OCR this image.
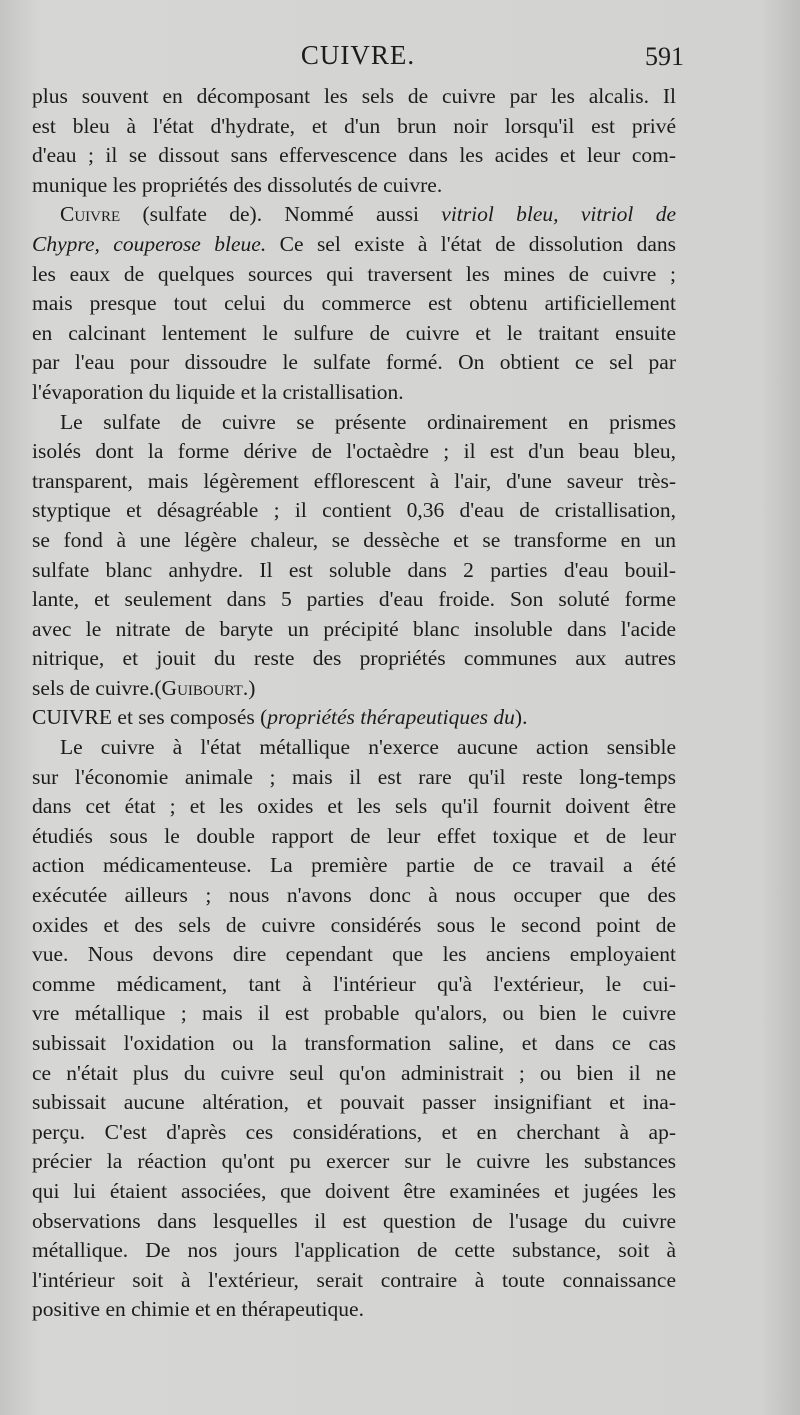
CUIVRE.	591
plus souvent en décomposant les sels de cuivre par les alcalis. Il
est bleu à l'état d'hydrate, et d'un brun noir lorsqu'il est privé
d'eau ; il se dissout sans effervescence dans les acides et leur com-
munique les propriétés des dissolutés de cuivre.
Cuivre (sulfate de). Nommé aussi vitriol bleu, vitriol de
Chypre, couperose bleue. Ce sel existe à l'état de dissolution dans
les eaux de quelques sources qui traversent les mines de cuivre ;
mais presque tout celui du commerce est obtenu artificiellement
en calcinant lentement le sulfure de cuivre et le traitant ensuite
par l'eau pour dissoudre le sulfate formé. On obtient ce sel par
l'évaporation du liquide et la cristallisation.
Le sulfate de cuivre se présente ordinairement en prismes
isolés dont la forme dérive de l'octaèdre ; il est d'un beau bleu,
transparent, mais légèrement efflorescent à l'air, d'une saveur très-
styptique et désagréable ; il contient 0,36 d'eau de cristallisation,
se fond à une légère chaleur, se dessèche et se transforme en un
sulfate blanc anhydre. Il est soluble dans 2 parties d'eau bouil-
lante, et seulement dans 5 parties d'eau froide. Son soluté forme
avec le nitrate de baryte un précipité blanc insoluble dans l'acide
nitrique, et jouit du reste des propriétés communes aux autres
sels de cuivre.(Guibourt.)
CUIVRE et ses composés (propriétés thérapeutiques du).
Le cuivre à l'état métallique n'exerce aucune action sensible
sur l'économie animale ; mais il est rare qu'il reste long-temps
dans cet état ; et les oxides et les sels qu'il fournit doivent être
étudiés sous le double rapport de leur effet toxique et de leur
action médicamenteuse. La première partie de ce travail a été
exécutée ailleurs ; nous n'avons donc à nous occuper que des
oxides et des sels de cuivre considérés sous le second point de
vue. Nous devons dire cependant que les anciens employaient
comme médicament, tant à l'intérieur qu'à l'extérieur, le cui-
vre métallique ; mais il est probable qu'alors, ou bien le cuivre
subissait l'oxidation ou la transformation saline, et dans ce cas
ce n'était plus du cuivre seul qu'on administrait ; ou bien il ne
subissait aucune altération, et pouvait passer insignifiant et ina-
perçu. C'est d'après ces considérations, et en cherchant à ap-
précier la réaction qu'ont pu exercer sur le cuivre les substances
qui lui étaient associées, que doivent être examinées et jugées les
observations dans lesquelles il est question de l'usage du cuivre
métallique. De nos jours l'application de cette substance, soit à
l'intérieur soit à l'extérieur, serait contraire à toute connaissance
positive en chimie et en thérapeutique.
